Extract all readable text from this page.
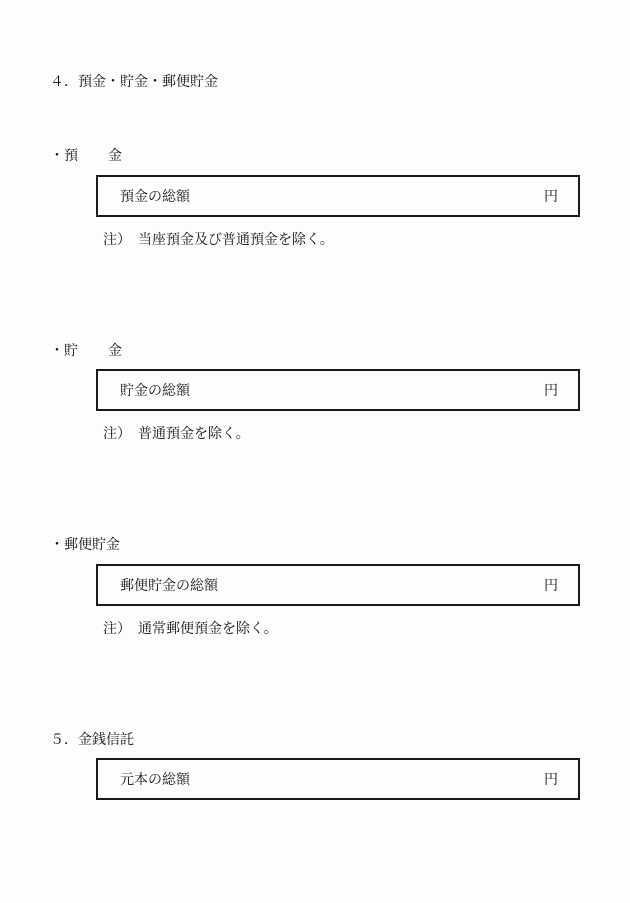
４．預金・貯金・郵便貯金
・預 金
預金の総額	円
注）　当座預金及び普通預金を除く。
・貯 金
貯金の総額	円
注）　普通預金を除く。
・郵便貯金
郵便貯金の総額	円
注）　通常郵便預金を除く。
５．金銭信託
元本の総額	円
